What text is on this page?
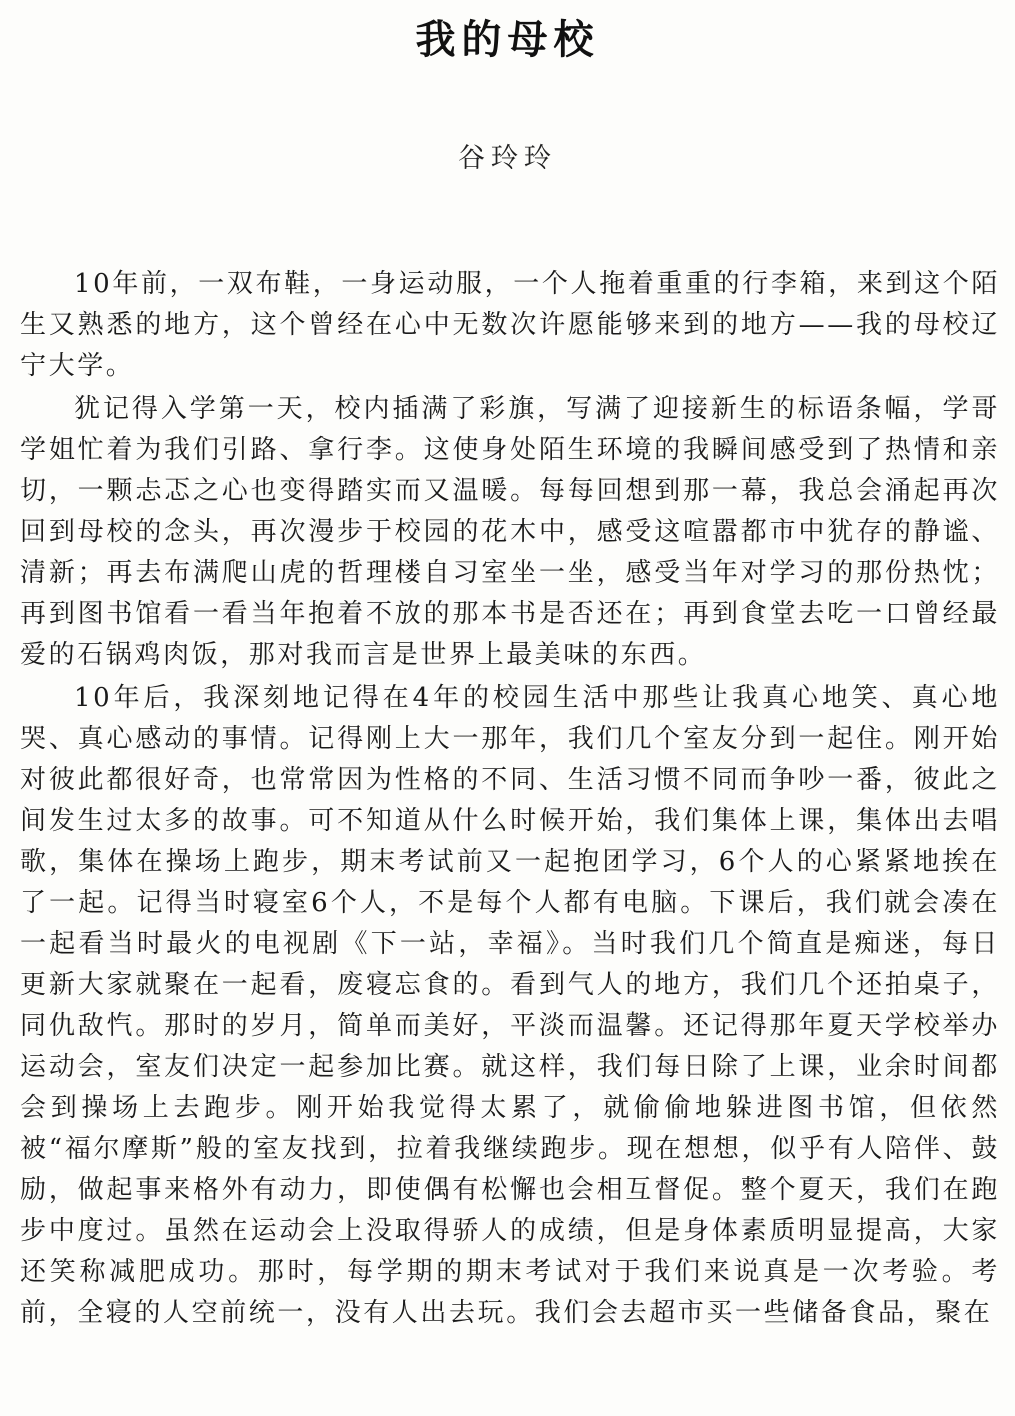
我的母校
谷玲玲

10年前，一双布鞋，一身运动服，一个人拖着重重的行李箱，来到这个陌生又熟悉的地方，这个曾经在心中无数次许愿能够来到的地方——我的母校辽宁大学。

犹记得入学第一天，校内插满了彩旗，写满了迎接新生的标语条幅，学哥学姐忙着为我们引路、拿行李。这使身处陌生环境的我瞬间感受到了热情和亲切，一颗忐忑之心也变得踏实而又温暖。每每回想到那一幕，我总会涌起再次回到母校的念头，再次漫步于校园的花木中，感受这喧嚣都市中犹存的静谧、清新；再去布满爬山虎的哲理楼自习室坐一坐，感受当年对学习的那份热忱；再到图书馆看一看当年抱着不放的那本书是否还在；再到食堂去吃一口曾经最爱的石锅鸡肉饭，那对我而言是世界上最美味的东西。

10年后，我深刻地记得在4年的校园生活中那些让我真心地笑、真心地哭、真心感动的事情。记得刚上大一那年，我们几个室友分到一起住。刚开始对彼此都很好奇，也常常因为性格的不同、生活习惯不同而争吵一番，彼此之间发生过太多的故事。可不知道从什么时候开始，我们集体上课，集体出去唱歌，集体在操场上跑步，期末考试前又一起抱团学习，6个人的心紧紧地挨在了一起。记得当时寝室6个人，不是每个人都有电脑。下课后，我们就会凑在一起看当时最火的电视剧《下一站，幸福》。当时我们几个简直是痴迷，每日更新大家就聚在一起看，废寝忘食的。看到气人的地方，我们几个还拍桌子，同仇敌忾。那时的岁月，简单而美好，平淡而温馨。还记得那年夏天学校举办运动会，室友们决定一起参加比赛。就这样，我们每日除了上课，业余时间都会到操场上去跑步。刚开始我觉得太累了，就偷偷地躲进图书馆，但依然被“福尔摩斯”般的室友找到，拉着我继续跑步。现在想想，似乎有人陪伴、鼓励，做起事来格外有动力，即使偶有松懈也会相互督促。整个夏天，我们在跑步中度过。虽然在运动会上没取得骄人的成绩，但是身体素质明显提高，大家还笑称减肥成功。那时，每学期的期末考试对于我们来说真是一次考验。考前，全寝的人空前统一，没有人出去玩。我们会去超市买一些储备食品，聚在
